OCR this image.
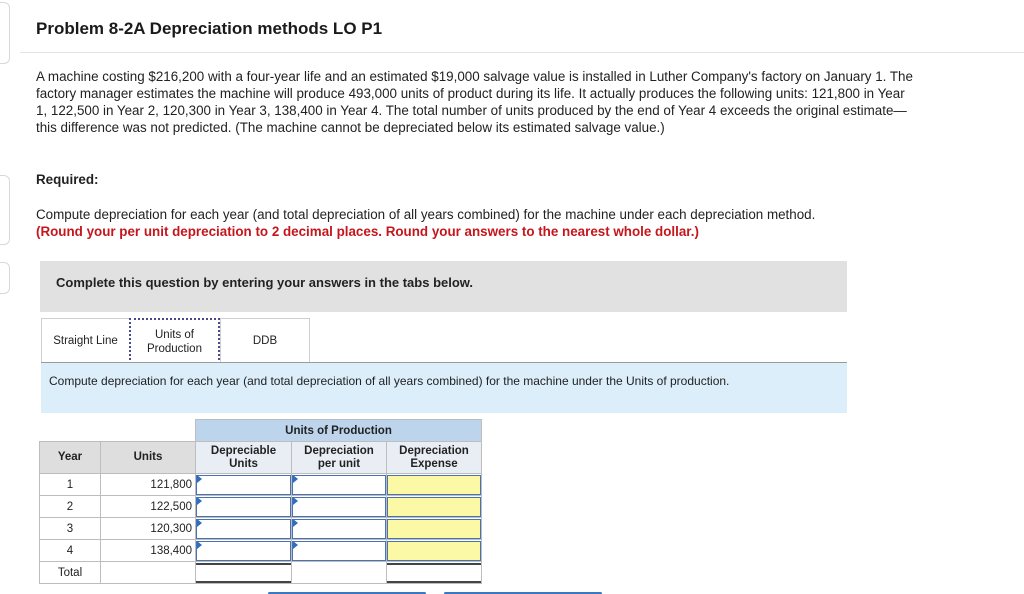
Problem 8-2A Depreciation methods LO P1
A machine costing $216,200 with a four-year life and an estimated $19,000 salvage value is installed in Luther Company's factory on January 1. The factory manager estimates the machine will produce 493,000 units of product during its life. It actually produces the following units: 121,800 in Year 1, 122,500 in Year 2, 120,300 in Year 3, 138,400 in Year 4. The total number of units produced by the end of Year 4 exceeds the original estimate—this difference was not predicted. (The machine cannot be depreciated below its estimated salvage value.)
Required:
Compute depreciation for each year (and total depreciation of all years combined) for the machine under each depreciation method.
(Round your per unit depreciation to 2 decimal places. Round your answers to the nearest whole dollar.)
Complete this question by entering your answers in the tabs below.
Straight Line	Units of Production
DDB
Compute depreciation for each year (and total depreciation of all years combined) for the machine under the Units of production.
		Units of Production		
Year	Units	Depreciable Units	Depreciation per unit	Depreciation Expense
1	121,800	

2	122,500	

3	120,300	

4	138,400	

Total		
